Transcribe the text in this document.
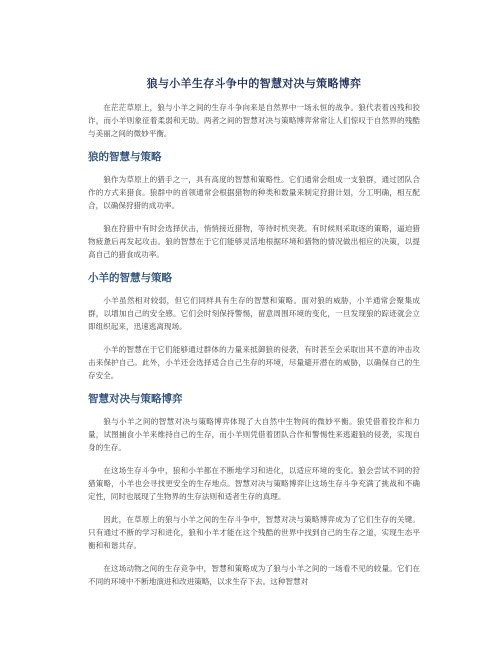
狼与小羊生存斗争中的智慧对决与策略博弈

在茫茫草原上，狼与小羊之间的生存斗争向来是自然界中一场永恒的战争。狼代表着凶残和狡诈，而小羊则象征着柔弱和无助。两者之间的智慧对决与策略博弈常常让人们惊叹于自然界的残酷与美丽之间的微妙平衡。

狼的智慧与策略

狼作为草原上的猎手之一，具有高度的智慧和策略性。它们通常会组成一支狼群，通过团队合作的方式来猎食。狼群中的首领通常会根据猎物的种类和数量来制定狩猎计划，分工明确，相互配合，以确保狩猎的成功率。

狼在狩猎中有时会选择伏击，悄悄接近猎物，等待时机突袭。有时候则采取逐的策略，逼迫猎物疲惫后再发起攻击。狼的智慧在于它们能够灵活地根据环境和猎物的情况做出相应的决策，以提高自己的猎食成功率。

小羊的智慧与策略

小羊虽然相对较弱，但它们同样具有生存的智慧和策略。面对狼的威胁，小羊通常会聚集成群，以增加自己的安全感。它们会时刻保持警惕，留意周围环境的变化，一旦发现狼的踪迹就会立即组织起来，迅速逃离现场。

小羊的智慧在于它们能够通过群体的力量来抵御狼的侵袭，有时甚至会采取出其不意的冲击攻击来保护自己。此外，小羊还会选择适合自己生存的环境，尽量避开潜在的威胁，以确保自己的生存安全。

智慧对决与策略博弈

狼与小羊之间的智慧对决与策略博弈体现了大自然中生物间的微妙平衡。狼凭借着狡诈和力量，试图捕食小羊来维持自己的生存，而小羊则凭借着团队合作和警惕性来逃避狼的侵袭，实现自身的生存。

在这场生存斗争中，狼和小羊都在不断地学习和进化，以适应环境的变化。狼会尝试不同的狩猎策略，小羊也会寻找更安全的生存地点。智慧对决与策略博弈让这场生存斗争充满了挑战和不确定性，同时也展现了生物界的生存法则和适者生存的真理。

因此，在草原上的狼与小羊之间的生存斗争中，智慧对决与策略博弈成为了它们生存的关键。只有通过不断的学习和进化，狼和小羊才能在这个残酷的世界中找到自己的生存之道，实现生态平衡和和谐共存。

在这场动物之间的生存竞争中，智慧和策略成为了狼与小羊之间的一场看不见的较量。它们在不同的环境中不断地演进和改进策略，以求生存下去。这种智慧对
